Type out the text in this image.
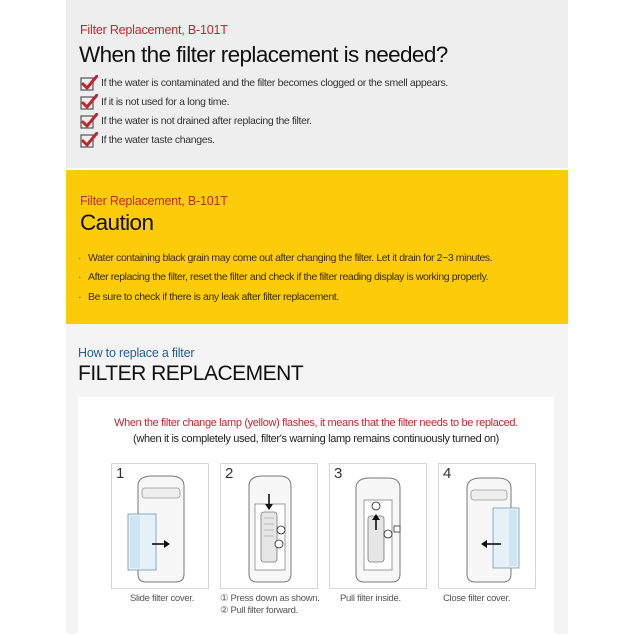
Filter Replacement, B-101T
When the filter replacement is needed?
If the water is contaminated and the filter becomes clogged or the smell appears.
If it is not used for a long time.
If the water is not drained after replacing the filter.
If the water taste changes.
Filter Replacement, B-101T
Caution
· Water containing black grain may come out after changing the filter. Let it drain for 2~3 minutes.
· After replacing the filter, reset the filter and check if the filter reading display is working properly.
· Be sure to check if there is any leak after filter replacement.
How to replace a filter
FILTER REPLACEMENT
When the filter change lamp (yellow) flashes, it means that the filter needs to be replaced.
(when it is completely used, filter's warning lamp remains continuously turned on)
1	2	3	4
Slide filter cover.	① Press down as shown.
② Pull filter forward.
Pull filter inside.	Close filter cover.
